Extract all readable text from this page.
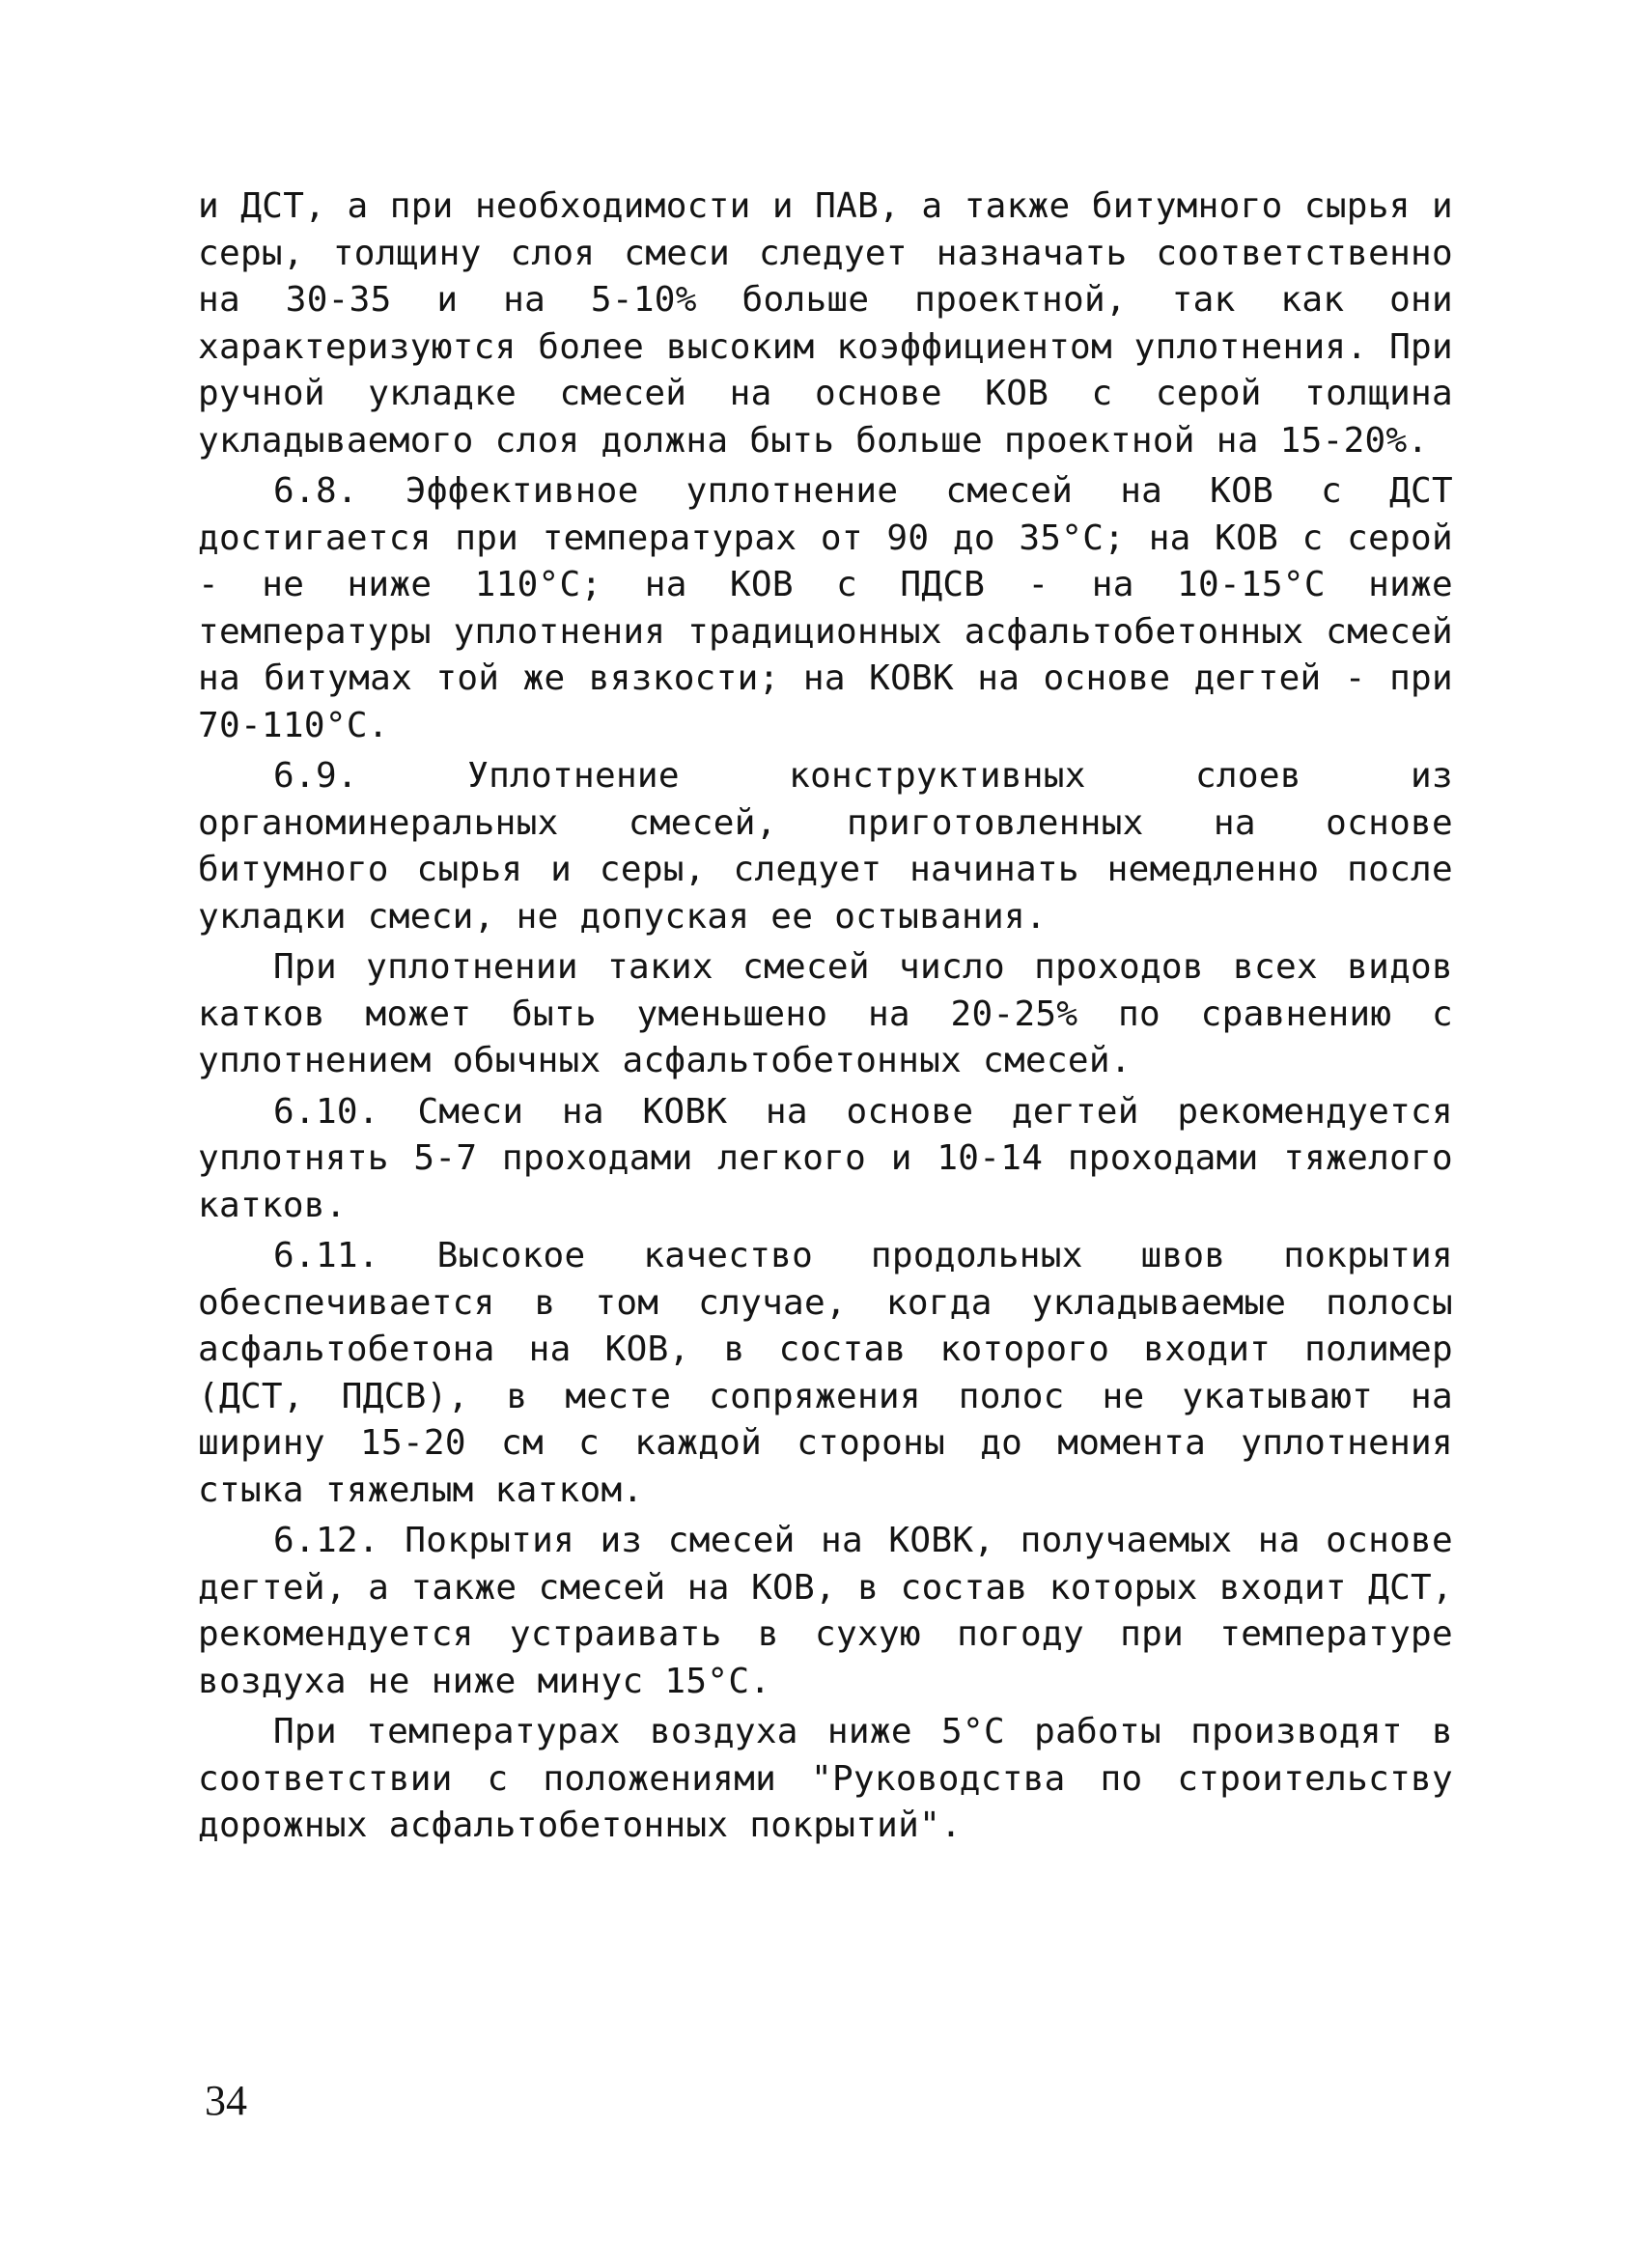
и ДСТ, а при необходимости и ПАВ, а также битумного сырья и серы, толщину слоя смеси следует назначать соответственно на 30-35 и на 5-10% больше проектной, так как они характеризуются более высоким коэффициентом уплотнения. При ручной укладке смесей на основе КОВ с серой толщина укладываемого слоя должна быть больше проектной на 15-20%.

6.8. Эффективное уплотнение смесей на КОВ с ДСТ достигается при температурах от 90 до 35°С; на КОВ с серой - не ниже 110°С; на КОВ с ПДСВ - на 10-15°С ниже температуры уплотнения традиционных асфальтобетонных смесей на битумах той же вязкости; на КОВК на основе дегтей - при 70-110°С.

6.9. Уплотнение конструктивных слоев из органоминеральных смесей, приготовленных на основе битумного сырья и серы, следует начинать немедленно после укладки смеси, не допуская ее остывания.

При уплотнении таких смесей число проходов всех видов катков может быть уменьшено на 20-25% по сравнению с уплотнением обычных асфальтобетонных смесей.

6.10. Смеси на КОВК на основе дегтей рекомендуется уплотнять 5-7 проходами легкого и 10-14 проходами тяжелого катков.

6.11. Высокое качество продольных швов покрытия обеспечивается в том случае, когда укладываемые полосы асфальтобетона на КОВ, в состав которого входит полимер (ДСТ, ПДСВ), в месте сопряжения полос не укатывают на ширину 15-20 см с каждой стороны до момента уплотнения стыка тяжелым катком.

6.12. Покрытия из смесей на КОВК, получаемых на основе дегтей, а также смесей на КОВ, в состав которых входит ДСТ, рекомендуется устраивать в сухую погоду при температуре воздуха не ниже минус 15°С.

При температурах воздуха ниже 5°С работы производят в соответствии с положениями "Руководства по строительству дорожных асфальтобетонных покрытий".

34
